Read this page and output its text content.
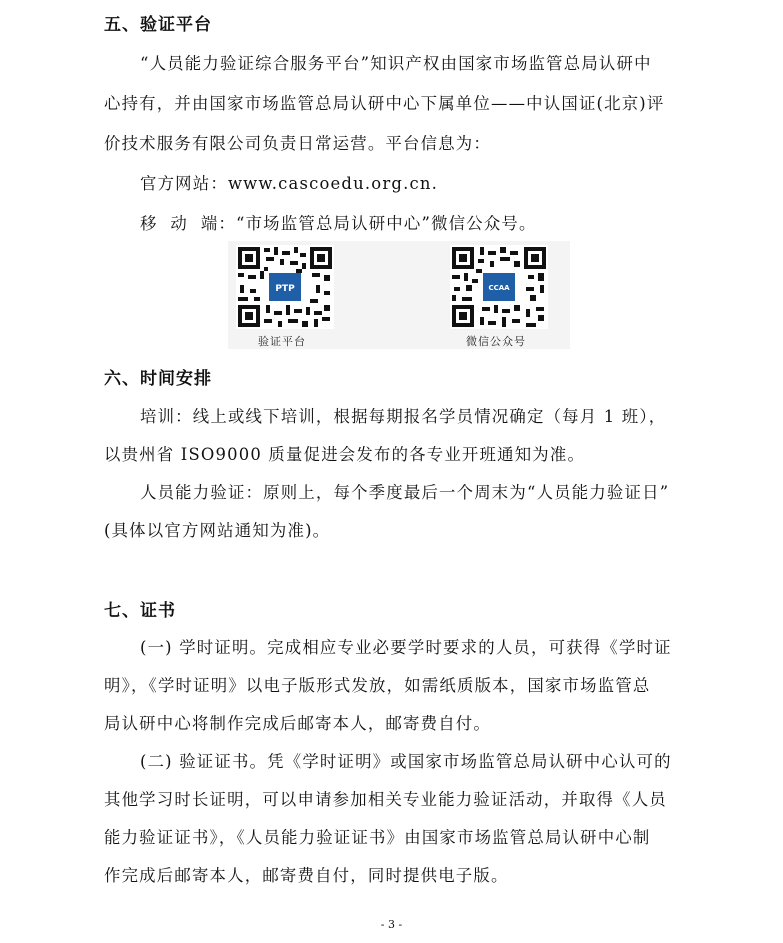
五、验证平台
“人员能力验证综合服务平台”知识产权由国家市场监管总局认研中
心持有，并由国家市场监管总局认研中心下属单位——中认国证(北京)评
价技术服务有限公司负责日常运营。平台信息为：
官方网站：www.cascoedu.org.cn.
移  动  端：“市场监管总局认研中心”微信公众号。
PTP
验证平台
CCAA
微信公众号
六、时间安排
培训：线上或线下培训，根据每期报名学员情况确定（每月 1 班），
以贵州省 ISO9000 质量促进会发布的各专业开班通知为准。
人员能力验证：原则上，每个季度最后一个周末为“人员能力验证日”
(具体以官方网站通知为准)。
七、证书
(一) 学时证明。完成相应专业必要学时要求的人员，可获得《学时证
明》，《学时证明》以电子版形式发放，如需纸质版本，国家市场监管总
局认研中心将制作完成后邮寄本人，邮寄费自付。
(二) 验证证书。凭《学时证明》或国家市场监管总局认研中心认可的
其他学习时长证明，可以申请参加相关专业能力验证活动，并取得《人员
能力验证证书》，《人员能力验证证书》由国家市场监管总局认研中心制
作完成后邮寄本人，邮寄费自付，同时提供电子版。
- 3 -
